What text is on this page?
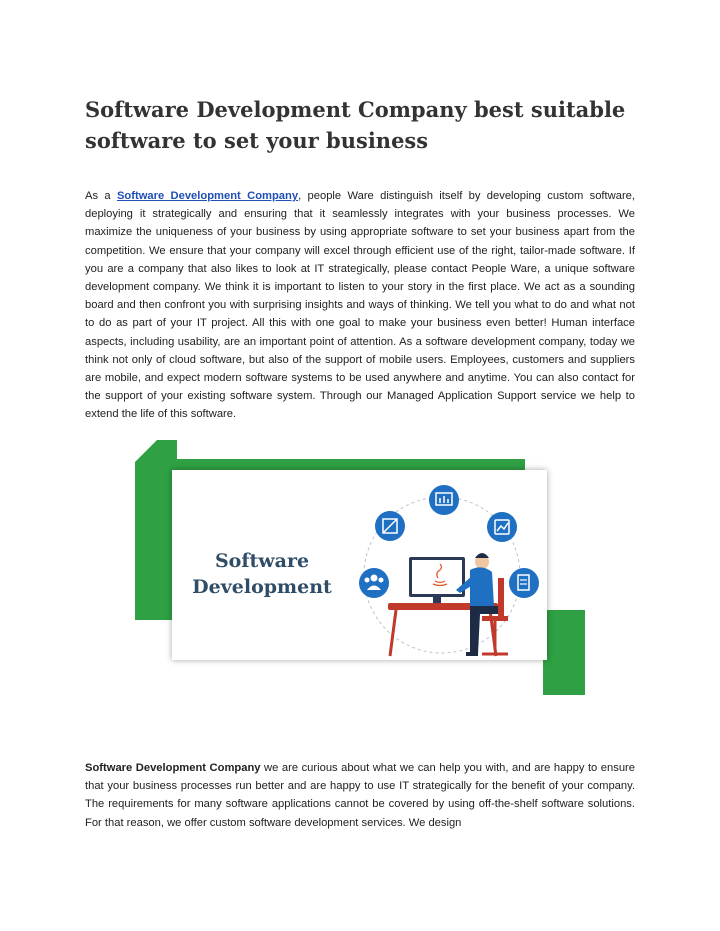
Software Development Company best suitable software to set your business

As a Software Development Company, people Ware distinguish itself by developing custom software, deploying it strategically and ensuring that it seamlessly integrates with your business processes. We maximize the uniqueness of your business by using appropriate software to set your business apart from the competition. We ensure that your company will excel through efficient use of the right, tailor-made software. If you are a company that also likes to look at IT strategically, please contact People Ware, a unique software development company. We think it is important to listen to your story in the first place. We act as a sounding board and then confront you with surprising insights and ways of thinking. We tell you what to do and what not to do as part of your IT project. All this with one goal to make your business even better! Human interface aspects, including usability, are an important point of attention. As a software development company, today we think not only of cloud software, but also of the support of mobile users. Employees, customers and suppliers are mobile, and expect modern software systems to be used anywhere and anytime. You can also contact for the support of your existing software system. Through our Managed Application Support service we help to extend the life of this software.

Software
Development

Software Development Company we are curious about what we can help you with, and are happy to ensure that your business processes run better and are happy to use IT strategically for the benefit of your company. The requirements for many software applications cannot be covered by using off-the-shelf software solutions. For that reason, we offer custom software development services. We design
